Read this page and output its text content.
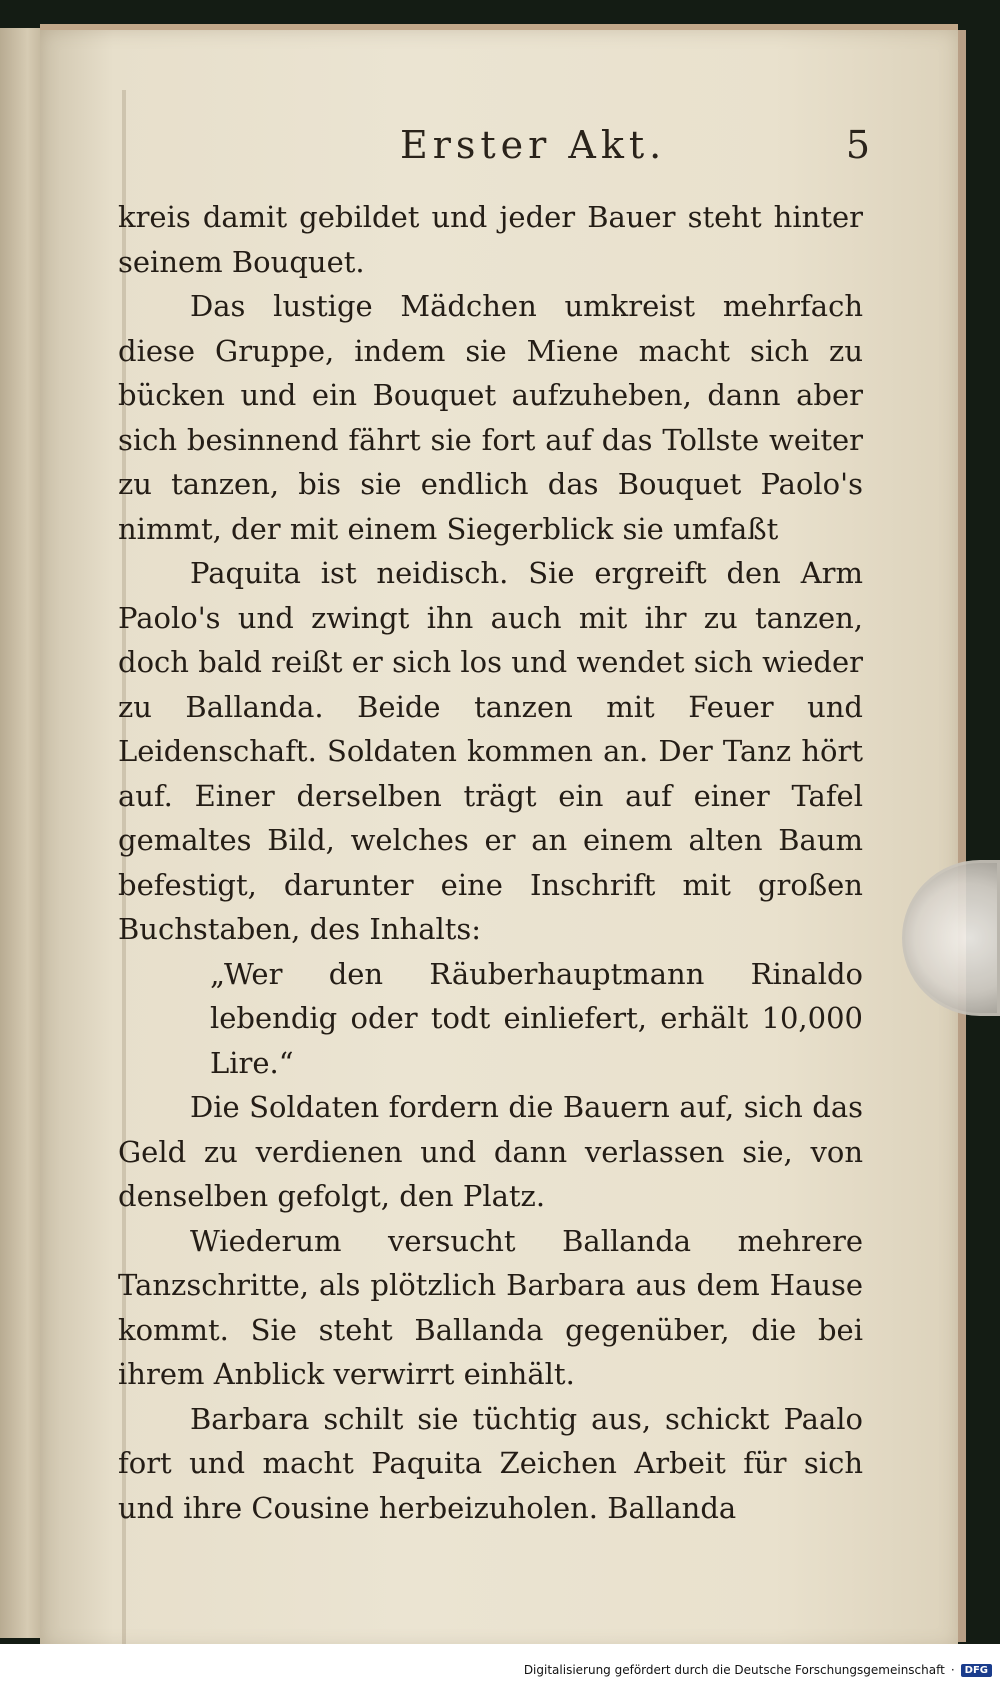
Erster Akt.	5

kreis damit gebildet und jeder Bauer steht hinter seinem Bouquet.

Das lustige Mädchen umkreist mehrfach diese Gruppe, indem sie Miene macht sich zu bücken und ein Bouquet aufzuheben, dann aber sich besinnend fährt sie fort auf das Tollste weiter zu tanzen, bis sie endlich das Bouquet Paolo's nimmt, der mit einem Siegerblick sie umfaßt

Paquita ist neidisch. Sie ergreift den Arm Paolo's und zwingt ihn auch mit ihr zu tanzen, doch bald reißt er sich los und wendet sich wieder zu Ballanda. Beide tanzen mit Feuer und Leidenschaft. Soldaten kommen an. Der Tanz hört auf. Einer derselben trägt ein auf einer Tafel gemaltes Bild, welches er an einem alten Baum befestigt, darunter eine Inschrift mit großen Buchstaben, des Inhalts:

„Wer den Räuberhauptmann Rinaldo lebendig oder todt einliefert, erhält 10,000 Lire.“

Die Soldaten fordern die Bauern auf, sich das Geld zu verdienen und dann verlassen sie, von denselben gefolgt, den Platz.

Wiederum versucht Ballanda mehrere Tanzschritte, als plötzlich Barbara aus dem Hause kommt. Sie steht Ballanda gegenüber, die bei ihrem Anblick verwirrt einhält.

Barbara schilt sie tüchtig aus, schickt Paalo fort und macht Paquita Zeichen Arbeit für sich und ihre Cousine herbeizuholen. Ballanda

Digitalisierung gefördert durch die Deutsche Forschungsgemeinschaft ·	DFG
